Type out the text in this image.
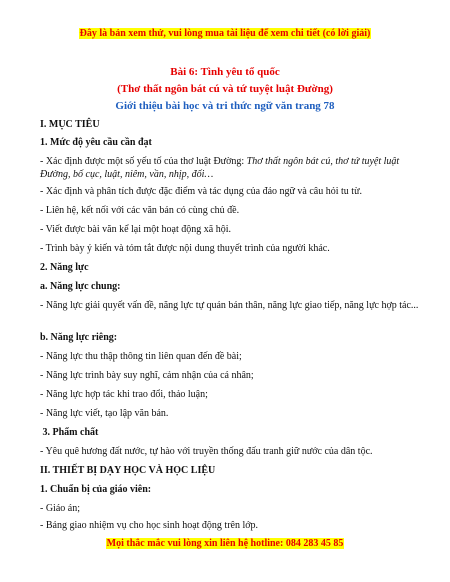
Đây là bản xem thử, vui lòng mua tài liệu để xem chi tiết (có lời giải)
Bài 6: Tình yêu tổ quốc
(Thơ thất ngôn bát cú và tứ tuyệt luật Đường)
Giới thiệu bài học và tri thức ngữ văn trang 78
I. MỤC TIÊU
1. Mức độ yêu cầu cần đạt
- Xác định được một số yếu tố của thơ luật Đường: Thơ thất ngôn bát cú, thơ tứ tuyệt luật Đường, bố cục, luật, niêm, vần, nhịp, đối…
- Xác định và phân tích được đặc điểm và tác dụng của đảo ngữ và câu hỏi tu từ.
- Liên hệ, kết nối với các văn bản có cùng chủ đề.
- Viết được bài văn kể lại một hoạt động xã hội.
- Trình bày ý kiến và tóm tắt được nội dung thuyết trình của người khác.
2. Năng lực
a. Năng lực chung:
- Năng lực giải quyết vấn đề, năng lực tự quản bản thân, năng lực giao tiếp, năng lực hợp tác...
b. Năng lực riêng:
- Năng lực thu thập thông tin liên quan đến đề bài;
- Năng lực trình bày suy nghĩ, cảm nhận của cá nhân;
- Năng lực hợp tác khi trao đổi, thảo luận;
- Năng lực viết, tạo lập văn bản.
3. Phẩm chất
- Yêu quê hương đất nước, tự hào với truyền thống đấu tranh giữ nước của dân tộc.
II. THIẾT BỊ DẠY HỌC VÀ HỌC LIỆU
1. Chuẩn bị của giáo viên:
- Giáo án;
- Bảng giao nhiệm vụ cho học sinh hoạt động trên lớp.
Mọi thắc mắc vui lòng xin liên hệ hotline: 084 283 45 85
